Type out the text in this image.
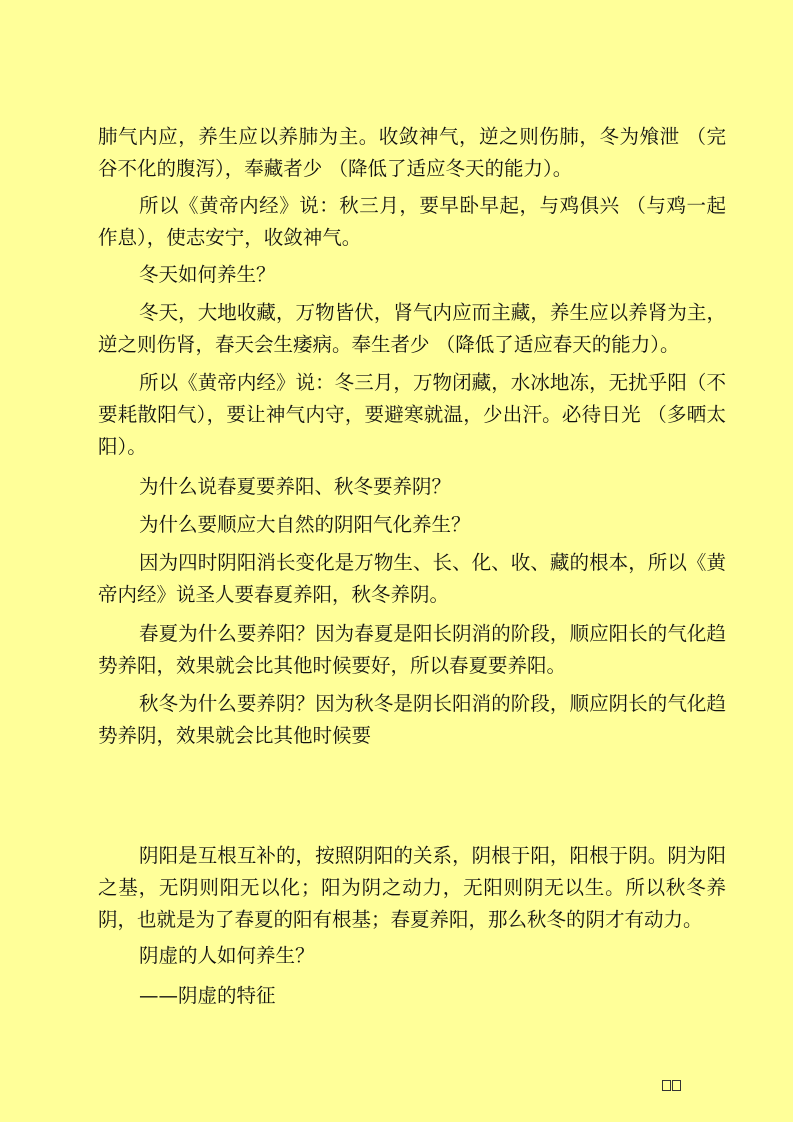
肺气内应，养生应以养肺为主。收敛神气，逆之则伤肺，冬为飧泄 （完谷不化的腹泻），奉藏者少 （降低了适应冬天的能力）。

所以《黄帝内经》说：秋三月，要早卧早起，与鸡俱兴 （与鸡一起作息），使志安宁，收敛神气。

冬天如何养生？

冬天，大地收藏，万物皆伏，肾气内应而主藏，养生应以养肾为主，逆之则伤肾，春天会生痿病。奉生者少 （降低了适应春天的能力）。

所以《黄帝内经》说：冬三月，万物闭藏，水冰地冻，无扰乎阳（不要耗散阳气），要让神气内守，要避寒就温，少出汗。必待日光 （多晒太阳）。

为什么说春夏要养阳、秋冬要养阴？

为什么要顺应大自然的阴阳气化养生？

因为四时阴阳消长变化是万物生、长、化、收、藏的根本，所以《黄帝内经》说圣人要春夏养阳，秋冬养阴。

春夏为什么要养阳？因为春夏是阳长阴消的阶段，顺应阳长的气化趋势养阳，效果就会比其他时候要好，所以春夏要养阳。

秋冬为什么要养阴？因为秋冬是阴长阳消的阶段，顺应阴长的气化趋势养阴，效果就会比其他时候要

阴阳是互根互补的，按照阴阳的关系，阴根于阳，阳根于阴。阴为阳之基，无阴则阳无以化；阳为阴之动力，无阳则阴无以生。所以秋冬养阴，也就是为了春夏的阳有根基；春夏养阳，那么秋冬的阴才有动力。

阴虚的人如何养生？

——阴虚的特征
